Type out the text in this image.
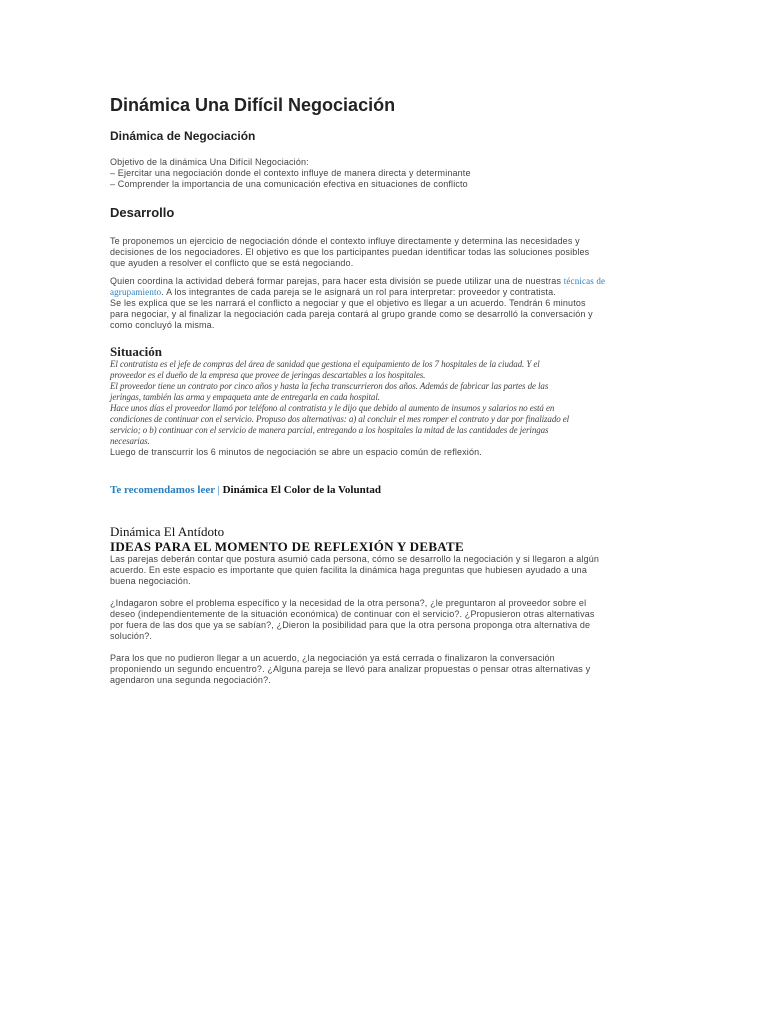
Dinámica Una Difícil Negociación
Dinámica de Negociación

Objetivo de la dinámica Una Difícil Negociación:

– Ejercitar una negociación donde el contexto influye de manera directa y determinante

– Comprender la importancia de una comunicación efectiva en situaciones de conflicto

Desarrollo

Te proponemos un ejercicio de negociación dónde el contexto influye directamente y determina las necesidades y

decisiones de los negociadores. El objetivo es que los participantes puedan identificar todas las soluciones posibles

que ayuden a resolver el conflicto que se está negociando.

Quien coordina la actividad deberá formar parejas, para hacer esta división se puede utilizar una de nuestras técnicas de

agrupamiento. A los integrantes de cada pareja se le asignará un rol para interpretar: proveedor y contratista.

Se les explica que se les narrará el conflicto a negociar y que el objetivo es llegar a un acuerdo. Tendrán 6 minutos

para negociar, y al finalizar la negociación cada pareja contará al grupo grande como se desarrolló la conversación y

como concluyó la misma.

Situación

El contratista es el jefe de compras del área de sanidad que gestiona el equipamiento de los 7 hospitales de la ciudad. Y el

proveedor es el dueño de la empresa que provee de jeringas descartables a los hospitales.

El proveedor tiene un contrato por cinco años y hasta la fecha transcurrieron dos años. Además de fabricar las partes de las

jeringas, también las arma y empaqueta ante de entregarla en cada hospital.

Hace unos días el proveedor llamó por teléfono al contratista y le dijo que debido al aumento de insumos y salarios no está en

condiciones de continuar con el servicio. Propuso dos alternativas: a) al concluir el mes romper el contrato y dar por finalizado el

servicio; o b) continuar con el servicio de manera parcial, entregando a los hospitales la mitad de las cantidades de jeringas

necesarias.

Luego de transcurrir los 6 minutos de negociación se abre un espacio común de reflexión.

Te recomendamos leer | Dinámica El Color de la Voluntad
Dinámica El Antídoto
IDEAS PARA EL MOMENTO DE REFLEXIÓN Y DEBATE

Las parejas deberán contar que postura asumió cada persona, cómo se desarrollo la negociación y si llegaron a algún

acuerdo. En este espacio es importante que quien facilita la dinámica haga preguntas que hubiesen ayudado a una

buena negociación.

¿Indagaron sobre el problema específico y la necesidad de la otra persona?, ¿le preguntaron al proveedor sobre el

deseo (independientemente de la situación económica) de continuar con el servicio?. ¿Propusieron otras alternativas

por fuera de las dos que ya se sabían?, ¿Dieron la posibilidad para que la otra persona proponga otra alternativa de

solución?.

Para los que no pudieron llegar a un acuerdo, ¿la negociación ya está cerrada o finalizaron la conversación

proponiendo un segundo encuentro?. ¿Alguna pareja se llevó para analizar propuestas o pensar otras alternativas y

agendaron una segunda negociación?.
